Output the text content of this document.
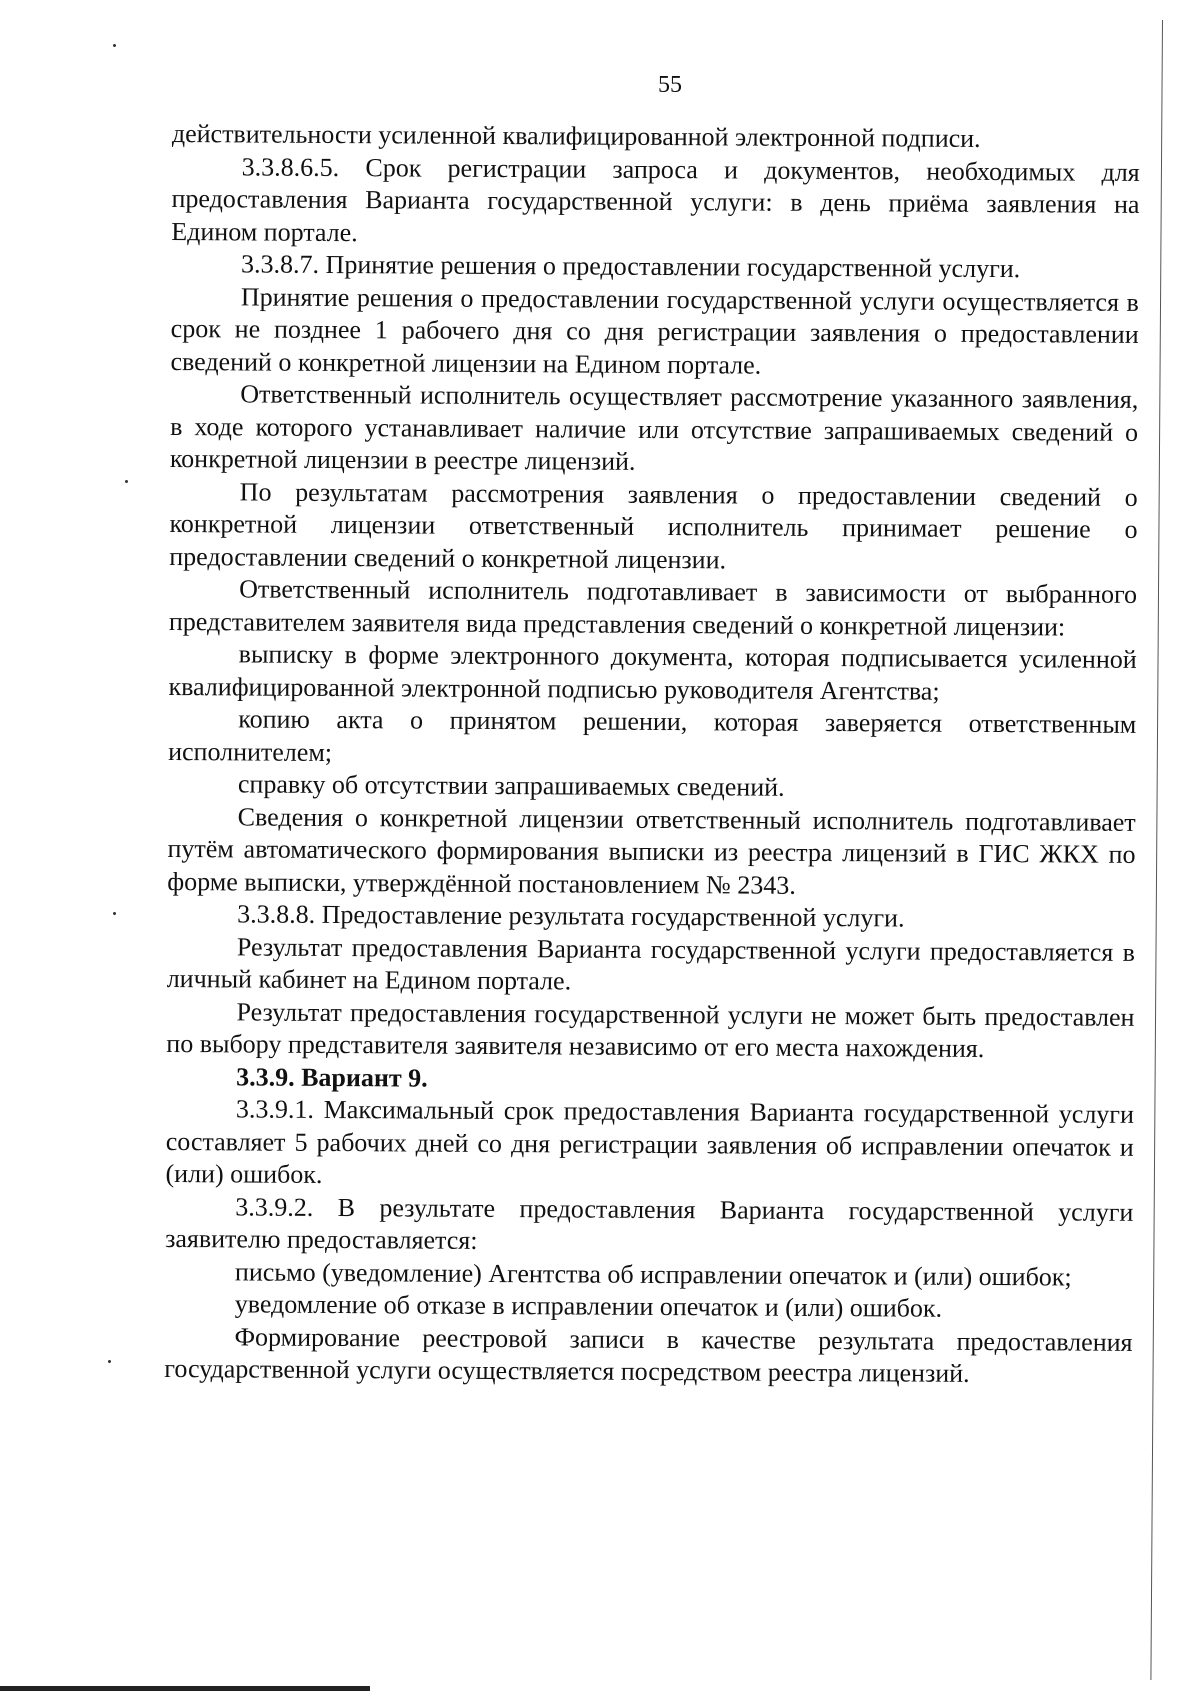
55

действительности усиленной квалифицированной электронной подписи.

3.3.8.6.5. Срок регистрации запроса и документов, необходимых для предоставления Варианта государственной услуги: в день приёма заявления на Едином портале.

3.3.8.7. Принятие решения о предоставлении государственной услуги.

Принятие решения о предоставлении государственной услуги осуществляется в срок не позднее 1 рабочего дня со дня регистрации заявления о предоставлении сведений о конкретной лицензии на Едином портале.

Ответственный исполнитель осуществляет рассмотрение указанного заявления, в ходе которого устанавливает наличие или отсутствие запрашиваемых сведений о конкретной лицензии в реестре лицензий.

По результатам рассмотрения заявления о предоставлении сведений о конкретной лицензии ответственный исполнитель принимает решение о предоставлении сведений о конкретной лицензии.

Ответственный исполнитель подготавливает в зависимости от выбранного представителем заявителя вида представления сведений о конкретной лицензии:

выписку в форме электронного документа, которая подписывается усиленной квалифицированной электронной подписью руководителя Агентства;

копию акта о принятом решении, которая заверяется ответственным исполнителем;

справку об отсутствии запрашиваемых сведений.

Сведения о конкретной лицензии ответственный исполнитель подготавливает путём автоматического формирования выписки из реестра лицензий в ГИС ЖКХ по форме выписки, утверждённой постановлением № 2343.

3.3.8.8. Предоставление результата государственной услуги.

Результат предоставления Варианта государственной услуги предоставляется в личный кабинет на Едином портале.

Результат предоставления государственной услуги не может быть предоставлен по выбору представителя заявителя независимо от его места нахождения.

3.3.9. Вариант 9.

3.3.9.1. Максимальный срок предоставления Варианта государственной услуги составляет 5 рабочих дней со дня регистрации заявления об исправлении опечаток и (или) ошибок.

3.3.9.2. В результате предоставления Варианта государственной услуги заявителю предоставляется:

письмо (уведомление) Агентства об исправлении опечаток и (или) ошибок;

уведомление об отказе в исправлении опечаток и (или) ошибок.

Формирование реестровой записи в качестве результата предоставления государственной услуги осуществляется посредством реестра лицензий.
